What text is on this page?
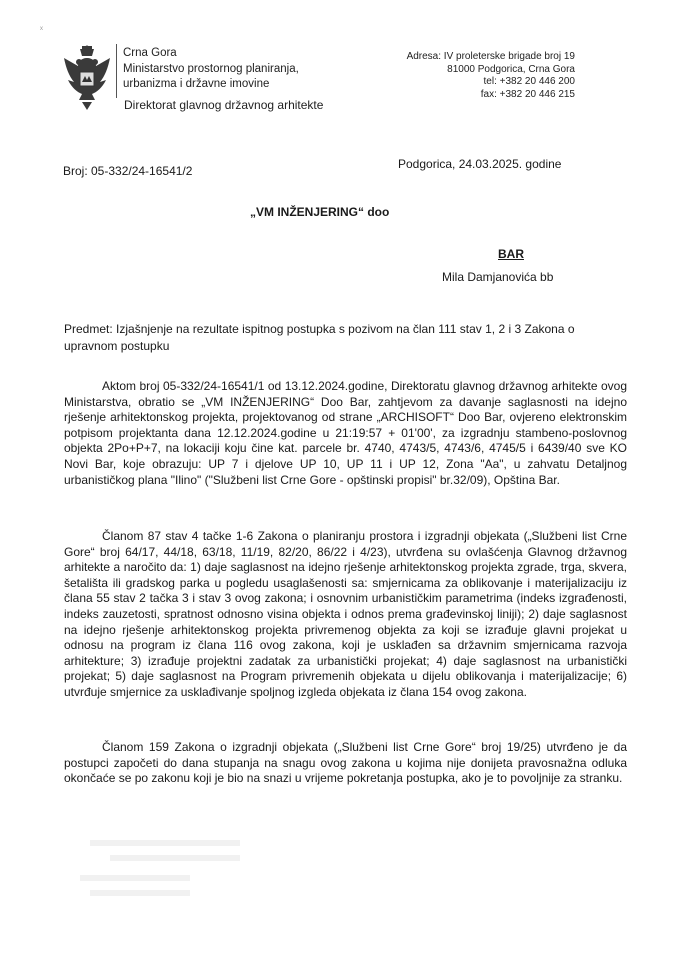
ˣ
Crna Gora
Ministarstvo prostornog planiranja,
urbanizma i državne imovine
Direktorat glavnog državnog arhitekte
Adresa: IV proleterske brigade broj 19
81000 Podgorica, Crna Gora
tel: +382 20 446 200
fax: +382 20 446 215
Broj: 05-332/24-16541/2	Podgorica, 24.03.2025. godine
„VM INŽENJERING“ doo
BAR
Mila Damjanovića bb
Predmet: Izjašnjenje na rezultate ispitnog postupka s pozivom na član 111 stav 1, 2 i 3 Zakona o upravnom postupku
Aktom broj 05-332/24-16541/1 od 13.12.2024.godine, Direktoratu glavnog državnog arhitekte ovog Ministarstva, obratio se „VM INŽENJERING“ Doo Bar, zahtjevom za davanje saglasnosti na idejno rješenje arhitektonskog projekta, projektovanog od strane „ARCHISOFT“ Doo Bar, ovjereno elektronskim potpisom projektanta dana 12.12.2024.godine u 21:19:57 + 01'00', za izgradnju stambeno-poslovnog objekta 2Po+P+7, na lokaciji koju čine kat. parcele br. 4740, 4743/5, 4743/6, 4745/5 i 6439/40 sve KO Novi Bar, koje obrazuju: UP 7 i djelove UP 10, UP 11 i UP 12, Zona "Aa", u zahvatu Detaljnog urbanističkog plana "Ilino" ("Službeni list Crne Gore - opštinski propisi" br.32/09), Opština Bar.
Članom 87 stav 4 tačke 1-6 Zakona o planiranju prostora i izgradnji objekata („Službeni list Crne Gore“ broj 64/17, 44/18, 63/18, 11/19, 82/20, 86/22 i 4/23), utvrđena su ovlašćenja Glavnog državnog arhitekte a naročito da: 1) daje saglasnost na idejno rješenje arhitektonskog projekta zgrade, trga, skvera, šetališta ili gradskog parka u pogledu usaglašenosti sa: smjernicama za oblikovanje i materijalizaciju iz člana 55 stav 2 tačka 3 i stav 3 ovog zakona; i osnovnim urbanističkim parametrima (indeks izgrađenosti, indeks zauzetosti, spratnost odnosno visina objekta i odnos prema građevinskoj liniji); 2) daje saglasnost na idejno rješenje arhitektonskog projekta privremenog objekta za koji se izrađuje glavni projekat u odnosu na program iz člana 116 ovog zakona, koji je usklađen sa državnim smjernicama razvoja arhitekture; 3) izrađuje projektni zadatak za urbanistički projekat; 4) daje saglasnost na urbanistički projekat; 5) daje saglasnost na Program privremenih objekata u dijelu oblikovanja i materijalizacije; 6) utvrđuje smjernice za usklađivanje spoljnog izgleda objekata iz člana 154 ovog zakona.
Članom 159 Zakona o izgradnji objekata („Službeni list Crne Gore“ broj 19/25) utvrđeno je da postupci započeti do dana stupanja na snagu ovog zakona u kojima nije donijeta pravosnažna odluka okončaće se po zakonu koji je bio na snazi u vrijeme pokretanja postupka, ako je to povoljnije za stranku.
